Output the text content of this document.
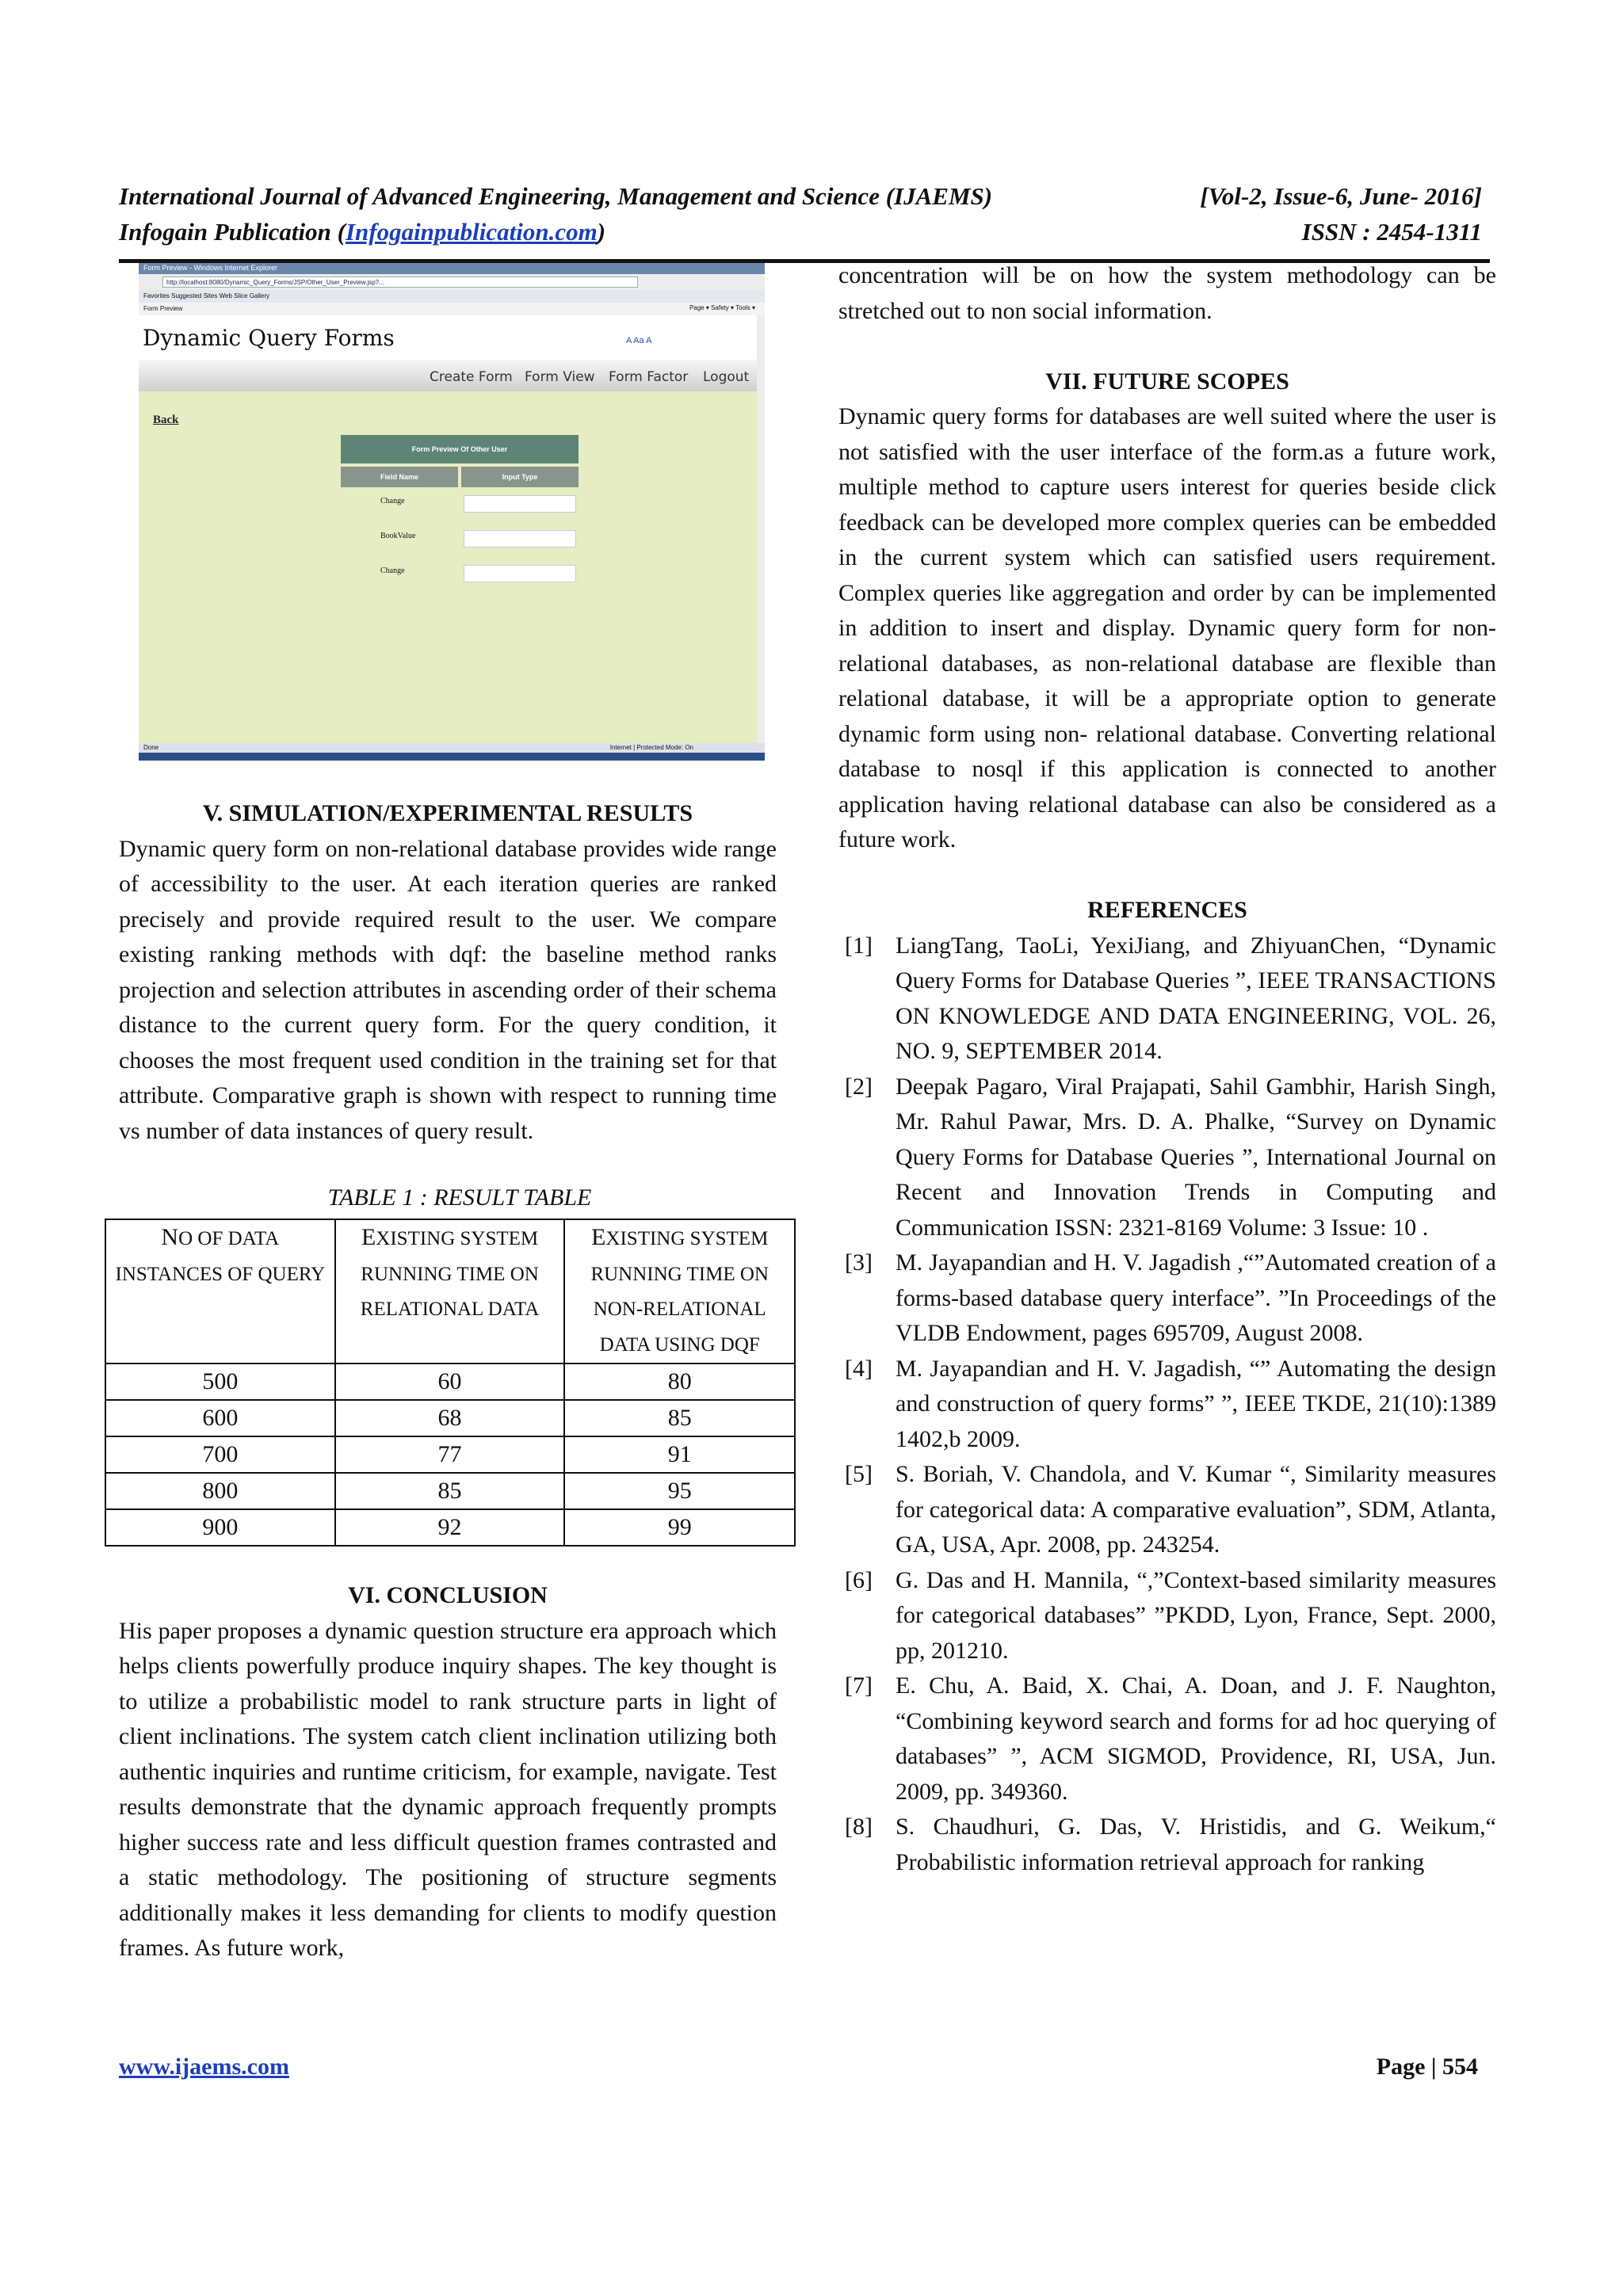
International Journal of Advanced Engineering, Management and Science (IJAEMS)	[Vol-2, Issue-6, June- 2016]
Infogain Publication (Infogainpublication.com)	ISSN : 2454-1311
Form Preview - Windows Internet Explorer
http://localhost:8080/Dynamic_Query_Forms/JSP/Other_User_Preview.jsp?...
Favorites Suggested Sites Web Slice Gallery
Form Preview	Page ▾ Safety ▾ Tools ▾
Dynamic Query Forms	A Aa A
Create Form Form View Form Factor Logout
Back
Form Preview Of Other User
Field Name	Input Type
Change
BookValue
Change
Done	Internet | Protected Mode: On
V. SIMULATION/EXPERIMENTAL RESULTS

Dynamic query form on non-relational database provides wide range of accessibility to the user. At each iteration queries are ranked precisely and provide required result to the user. We compare existing ranking methods with dqf: the baseline method ranks projection and selection attributes in ascending order of their schema distance to the current query form. For the query condition, it chooses the most frequent used condition in the training set for that attribute. Comparative graph is shown with respect to running time vs number of data instances of query result.

TABLE 1 : RESULT TABLE
NO OF DATA INSTANCES OF QUERY	EXISTING SYSTEM RUNNING TIME ON RELATIONAL DATA	EXISTING SYSTEM RUNNING TIME ON NON-RELATIONAL DATA USING DQF
500	60	80
600	68	85
700	77	91
800	85	95
900	92	99
VI. CONCLUSION

His paper proposes a dynamic question structure era approach which helps clients powerfully produce inquiry shapes. The key thought is to utilize a probabilistic model to rank structure parts in light of client inclinations. The system catch client inclination utilizing both authentic inquiries and runtime criticism, for example, navigate. Test results demonstrate that the dynamic approach frequently prompts higher success rate and less difficult question frames contrasted and a static methodology. The positioning of structure segments additionally makes it less demanding for clients to modify question frames. As future work,

concentration will be on how the system methodology can be stretched out to non social information.

VII. FUTURE SCOPES

Dynamic query forms for databases are well suited where the user is not satisfied with the user interface of the form.as a future work, multiple method to capture users interest for queries beside click feedback can be developed more complex queries can be embedded in the current system which can satisfied users requirement. Complex queries like aggregation and order by can be implemented in addition to insert and display. Dynamic query form for non-relational databases, as non-relational database are flexible than relational database, it will be a appropriate option to generate dynamic form using non- relational database. Converting relational database to nosql if this application is connected to another application having relational database can also be considered as a future work.

REFERENCES
[1] LiangTang, TaoLi, YexiJiang, and ZhiyuanChen, “Dynamic Query Forms for Database Queries ”, IEEE TRANSACTIONS ON KNOWLEDGE AND DATA ENGINEERING, VOL. 26, NO. 9, SEPTEMBER 2014.
[2] Deepak Pagaro, Viral Prajapati, Sahil Gambhir, Harish Singh, Mr. Rahul Pawar, Mrs. D. A. Phalke, “Survey on Dynamic Query Forms for Database Queries ”, International Journal on Recent and Innovation Trends in Computing and Communication ISSN: 2321-8169 Volume: 3 Issue: 10 .
[3] M. Jayapandian and H. V. Jagadish ,“”Automated creation of a forms-based database query interface”. ”In Proceedings of the VLDB Endowment, pages 695709, August 2008.
[4] M. Jayapandian and H. V. Jagadish, “” Automating the design and construction of query forms” ”, IEEE TKDE, 21(10):1389 1402,b 2009.
[5] S. Boriah, V. Chandola, and V. Kumar “, Similarity measures for categorical data: A comparative evaluation”, SDM, Atlanta, GA, USA, Apr. 2008, pp. 243254.
[6] G. Das and H. Mannila, “,”Context-based similarity measures for categorical databases” ”PKDD, Lyon, France, Sept. 2000, pp, 201210.
[7] E. Chu, A. Baid, X. Chai, A. Doan, and J. F. Naughton, “Combining keyword search and forms for ad hoc querying of databases” ”, ACM SIGMOD, Providence, RI, USA, Jun. 2009, pp. 349360.
[8] S. Chaudhuri, G. Das, V. Hristidis, and G. Weikum,“ Probabilistic information retrieval approach for ranking
www.ijaems.com	Page | 554
